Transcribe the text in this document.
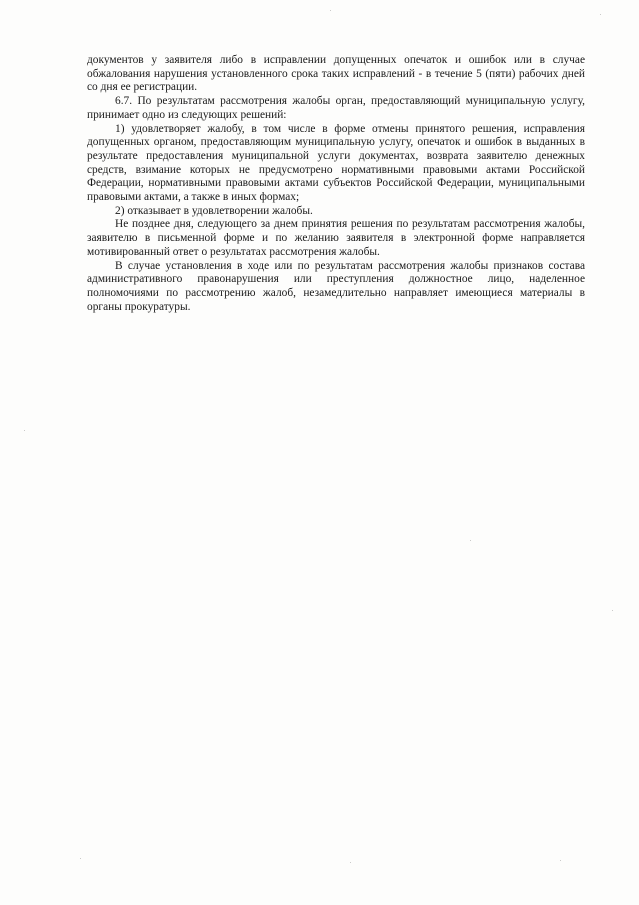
документов у заявителя либо в исправлении допущенных опечаток и ошибок или в случае обжалования нарушения установленного срока таких исправлений - в течение 5 (пяти) рабочих дней со дня ее регистрации.

6.7. По результатам рассмотрения жалобы орган, предоставляющий муниципальную услугу, принимает одно из следующих решений:

1) удовлетворяет жалобу, в том числе в форме отмены принятого решения, исправления допущенных органом, предоставляющим муниципальную услугу, опечаток и ошибок в выданных в результате предоставления муниципальной услуги документах, возврата заявителю денежных средств, взимание которых не предусмотрено нормативными правовыми актами Российской Федерации, нормативными правовыми актами субъектов Российской Федерации, муниципальными правовыми актами, а также в иных формах;

2) отказывает в удовлетворении жалобы.

Не позднее дня, следующего за днем принятия решения по результатам рассмотрения жалобы, заявителю в письменной форме и по желанию заявителя в электронной форме направляется мотивированный ответ о результатах рассмотрения жалобы.

В случае установления в ходе или по результатам рассмотрения жалобы признаков состава административного правонарушения или преступления должностное лицо, наделенное полномочиями по рассмотрению жалоб, незамедлительно направляет имеющиеся материалы в органы прокуратуры.
